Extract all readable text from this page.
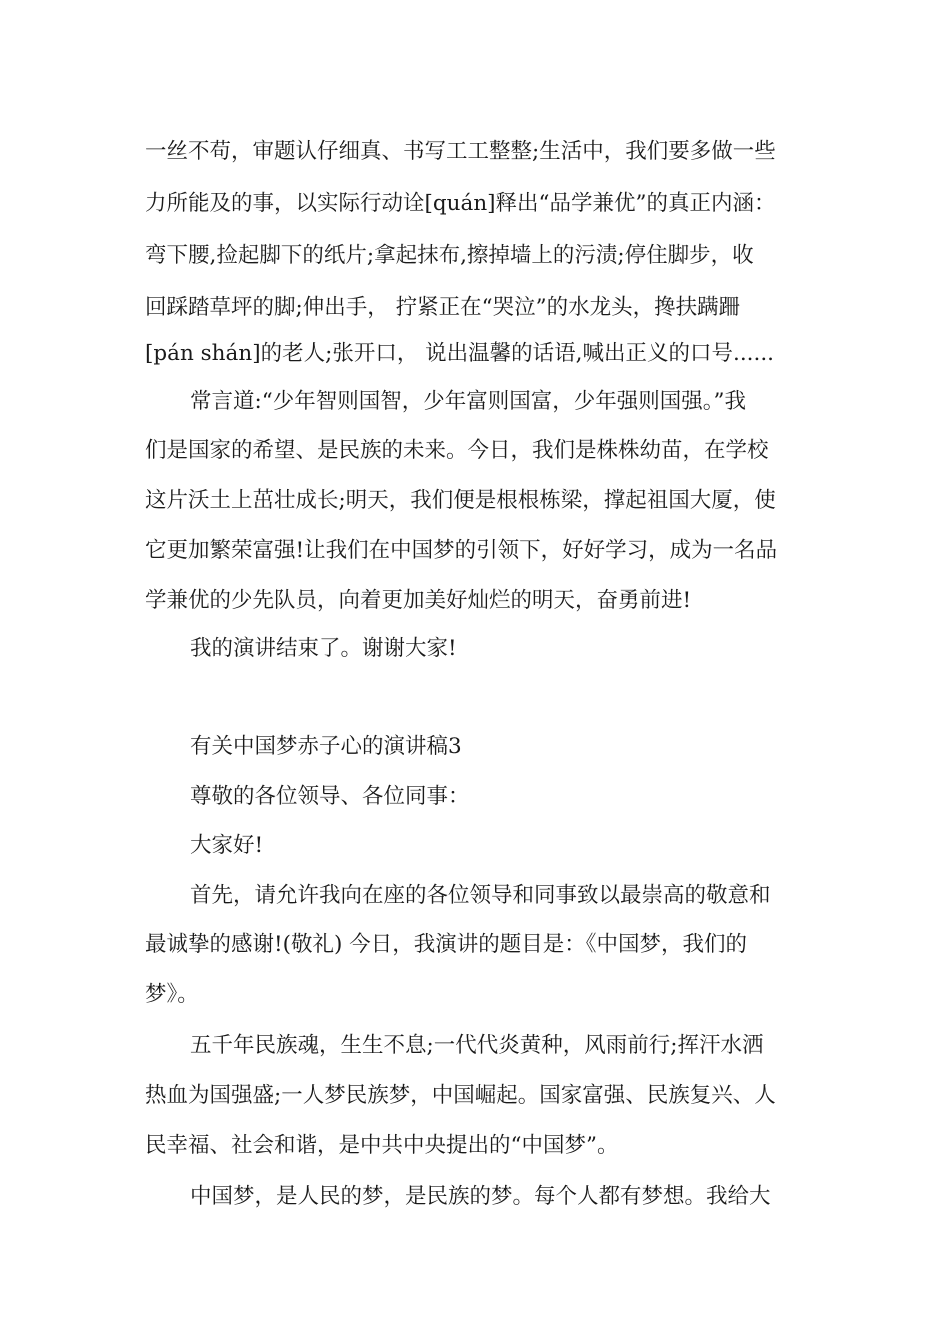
一丝不苟，审题认仔细真、书写工工整整;生活中，我们要多做一些
力所能及的事，以实际行动诠[quán]释出“品学兼优”的真正内涵：
弯下腰,捡起脚下的纸片;拿起抹布,擦掉墙上的污渍;停住脚步，收
回踩踏草坪的脚;伸出手， 拧紧正在“哭泣”的水龙头，搀扶蹒跚
[pán shán]的老人;张开口， 说出温馨的话语,喊出正义的口号......
常言道:“少年智则国智，少年富则国富，少年强则国强。”我
们是国家的希望、是民族的未来。今日，我们是株株幼苗，在学校
这片沃土上茁壮成长;明天，我们便是根根栋梁，撑起祖国大厦，使
它更加繁荣富强!让我们在中国梦的引领下，好好学习，成为一名品
学兼优的少先队员，向着更加美好灿烂的明天，奋勇前进!
我的演讲结束了。谢谢大家!
有关中国梦赤子心的演讲稿3
尊敬的各位领导、各位同事：
大家好!
首先，请允许我向在座的各位领导和同事致以最崇高的敬意和
最诚挚的感谢!(敬礼) 今日，我演讲的题目是：《中国梦，我们的
梦》。
五千年民族魂，生生不息;一代代炎黄种，风雨前行;挥汗水洒
热血为国强盛;一人梦民族梦，中国崛起。国家富强、民族复兴、人
民幸福、社会和谐，是中共中央提出的“中国梦”。
中国梦，是人民的梦，是民族的梦。每个人都有梦想。我给大
